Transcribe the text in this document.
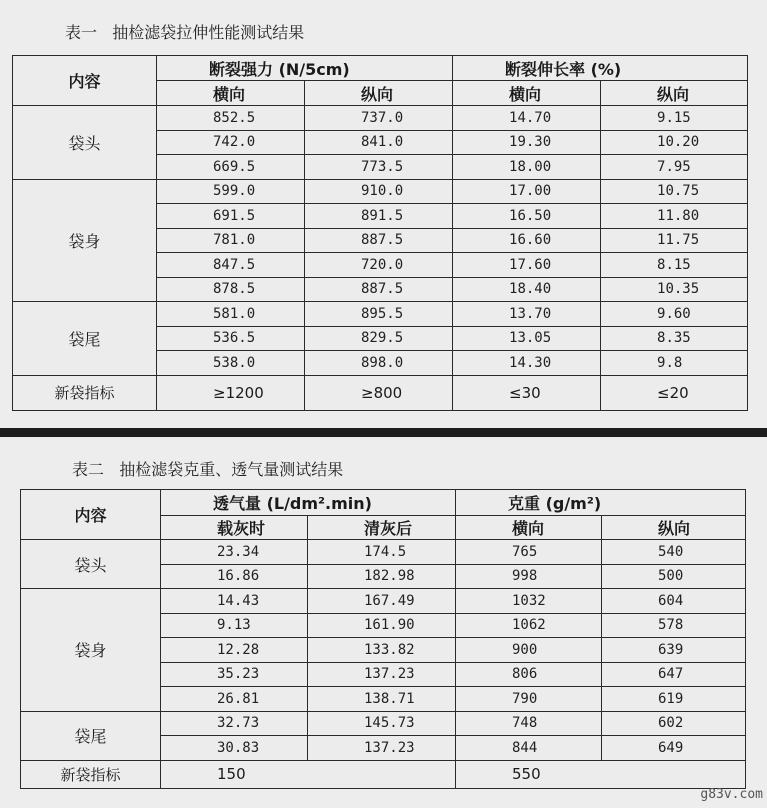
表一   抽检滤袋拉伸性能测试结果
内容	断裂强力 (N/5cm)		断裂伸长率 (%)	
	横向	纵向	横向	纵向
袋头	852.5	737.0	14.70	9.15
	742.0	841.0	19.30	10.20
	669.5	773.5	18.00	7.95
袋身	599.0	910.0	17.00	10.75
	691.5	891.5	16.50	11.80
	781.0	887.5	16.60	11.75
	847.5	720.0	17.60	8.15
	878.5	887.5	18.40	10.35
袋尾	581.0	895.5	13.70	9.60
	536.5	829.5	13.05	8.35
	538.0	898.0	14.30	9.8
新袋指标	≥1200	≥800	≤30	≤20
表二   抽检滤袋克重、透气量测试结果
内容	透气量 (L/dm².min)		克重 (g/m²)	
	载灰时	清灰后	横向	纵向
袋头	23.34	174.5	765	540
	16.86	182.98	998	500
袋身	14.43	167.49	1032	604
	9.13	161.90	1062	578
	12.28	133.82	900	639
	35.23	137.23	806	647
	26.81	138.71	790	619
袋尾	32.73	145.73	748	602
	30.83	137.23	844	649
新袋指标	150		550	
g83v.com
